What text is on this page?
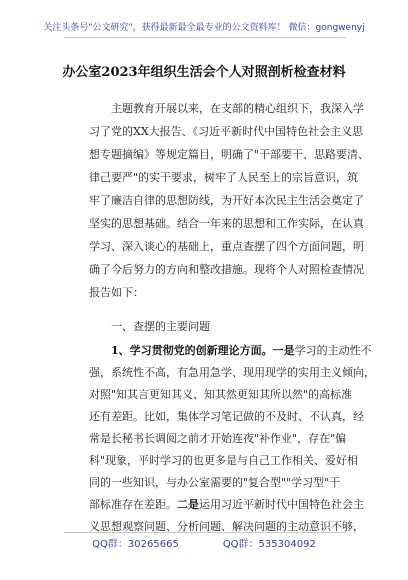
关注头条号"公文研究"，获得最新最全最专业的公文资料库！ 微信：gongwenyj
办公室2023年组织生活会个人对照剖析检查材料
主题教育开展以来，在支部的精心组织下，我深入学
习了党的XX大报告、《习近平新时代中国特色社会主义思
想专题摘编》等规定篇目，明确了"干部要干、思路要清、
律己要严"的实干要求，树牢了人民至上的宗旨意识，筑
牢了廉洁自律的思想防线，为开好本次民主生活会奠定了
坚实的思想基础。结合一年来的思想和工作实际，在认真
学习、深入谈心的基础上，重点查摆了四个方面问题，明
确了今后努力的方向和整改措施。现将个人对照检查情况
报告如下：
一、查摆的主要问题
1、学习贯彻党的创新理论方面。一是学习的主动性不
强，系统性不高，有急用急学、现用现学的实用主义倾向，
对照"知其言更知其义、知其然更知其所以然"的高标准
还有差距。比如，集体学习笔记做的不及时、不认真，经
常是长秘书长调阅之前才开始连夜"补作业"，存在"偏
科"现象，平时学习的也更多是与自己工作相关、爱好相
同的一些知识，与办公室需要的"复合型""学习型"干
部标准存在差距。二是运用习近平新时代中国特色社会主
义思想观察问题、分析问题、解决问题的主动意识不够，
QQ群：30265665	QQ群：535304092
